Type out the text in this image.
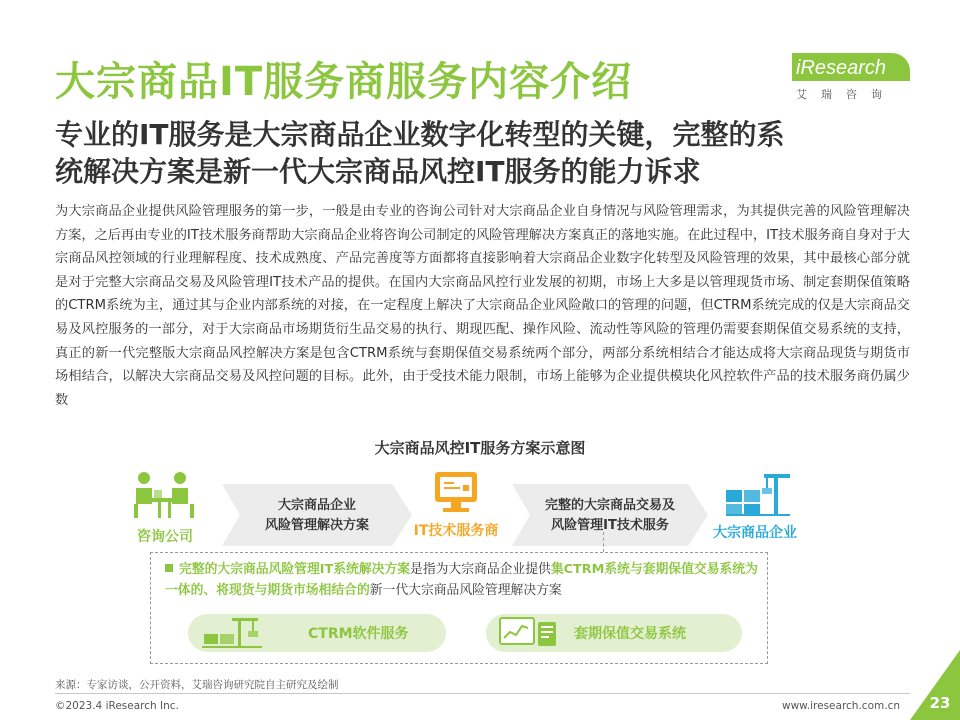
大宗商品IT服务商服务内容介绍	iResearch
艾瑞咨询
专业的IT服务是大宗商品企业数字化转型的关键，完整的系
统解决方案是新一代大宗商品风控IT服务的能力诉求
为大宗商品企业提供风险管理服务的第一步，一般是由专业的咨询公司针对大宗商品企业自身情况与风险管理需求，为其提供完善的风险管理解决方案，之后再由专业的IT技术服务商帮助大宗商品企业将咨询公司制定的风险管理解决方案真正的落地实施。在此过程中，IT技术服务商自身对于大宗商品风控领域的行业理解程度、技术成熟度、产品完善度等方面都将直接影响着大宗商品企业数字化转型及风险管理的效果，其中最核心部分就是对于完整大宗商品交易及风险管理IT技术产品的提供。在国内大宗商品风控行业发展的初期，市场上大多是以管理现货市场、制定套期保值策略的CTRM系统为主，通过其与企业内部系统的对接，在一定程度上解决了大宗商品企业风险敞口的管理的问题，但CTRM系统完成的仅是大宗商品交易及风控服务的一部分，对于大宗商品市场期货衍生品交易的执行、期现匹配、操作风险、流动性等风险的管理仍需要套期保值交易系统的支持，真正的新一代完整版大宗商品风控解决方案是包含CTRM系统与套期保值交易系统两个部分，两部分系统相结合才能达成将大宗商品现货与期货市场相结合，以解决大宗商品交易及风控问题的目标。此外，由于受技术能力限制，市场上能够为企业提供模块化风控软件产品的技术服务商仍属少数
大宗商品风控IT服务方案示意图
咨询公司
大宗商品企业
风险管理解决方案	IT技术服务商
完整的大宗商品交易及
风险管理IT技术服务	大宗商品企业
完整的大宗商品风险管理IT系统解决方案是指为大宗商品企业提供集CTRM系统与套期保值交易系统为一体的、将现货与期货市场相结合的新一代大宗商品风险管理解决方案
CTRM软件服务	套期保值交易系统
来源：专家访谈，公开资料，艾瑞咨询研究院自主研究及绘制
©2023.4 iResearch Inc.	www.iresearch.com.cn	23
